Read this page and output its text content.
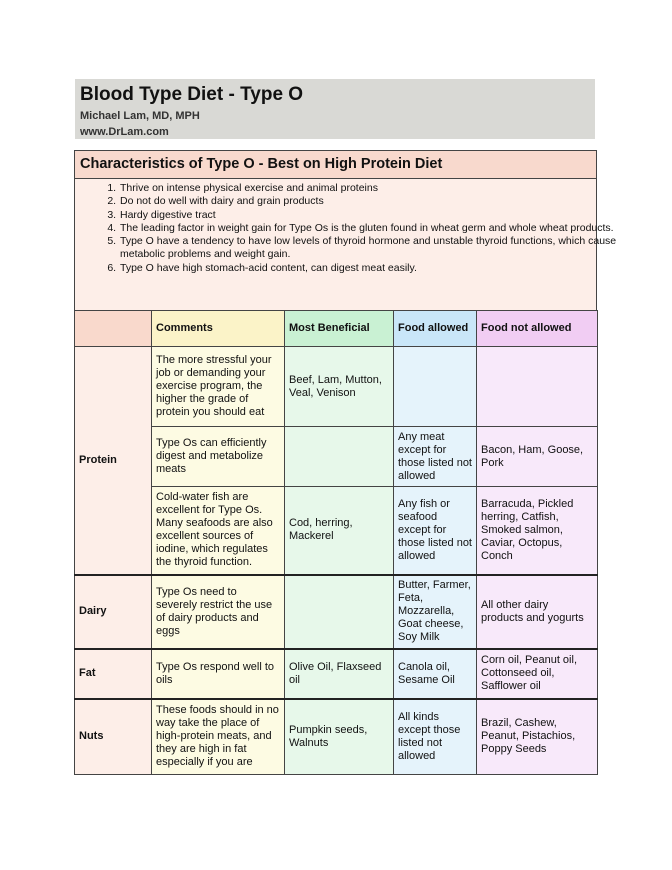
Blood Type Diet - Type O
Michael Lam, MD, MPH
www.DrLam.com
Characteristics of Type O - Best on High Protein Diet
1. Thrive on intense physical exercise and animal proteins
2. Do not do well with dairy and grain products
3. Hardy digestive tract
4. The leading factor in weight gain for Type Os is the gluten found in wheat germ and whole wheat products.
5. Type O have a tendency to have low levels of thyroid hormone and unstable thyroid functions, which cause metabolic problems and weight gain.
6. Type O have high stomach-acid content, can digest meat easily.
	Comments	Most Beneficial	Food allowed	Food not allowed
Protein	The more stressful your job or demanding your exercise program, the higher the grade of protein you should eat	Beef, Lam, Mutton, Veal, Venison		
	Type Os can efficiently digest and metabolize meats		Any meat except for those listed not allowed	Bacon, Ham, Goose, Pork
	Cold-water fish are excellent for Type Os. Many seafoods are also excellent sources of iodine, which regulates the thyroid function.	Cod, herring, Mackerel	Any fish or seafood except for those listed not allowed	Barracuda, Pickled herring, Catfish, Smoked salmon, Caviar, Octopus, Conch
Dairy	Type Os need to severely restrict the use of dairy products and eggs		Butter, Farmer, Feta, Mozzarella, Goat cheese, Soy Milk	All other dairy products and yogurts
Fat	Type Os respond well to oils	Olive Oil, Flaxseed oil	Canola oil, Sesame Oil	Corn oil, Peanut oil, Cottonseed oil, Safflower oil
Nuts	These foods should in no way take the place of high-protein meats, and they are high in fat especially if you are	Pumpkin seeds, Walnuts	All kinds except those listed not allowed	Brazil, Cashew, Peanut, Pistachios, Poppy Seeds
